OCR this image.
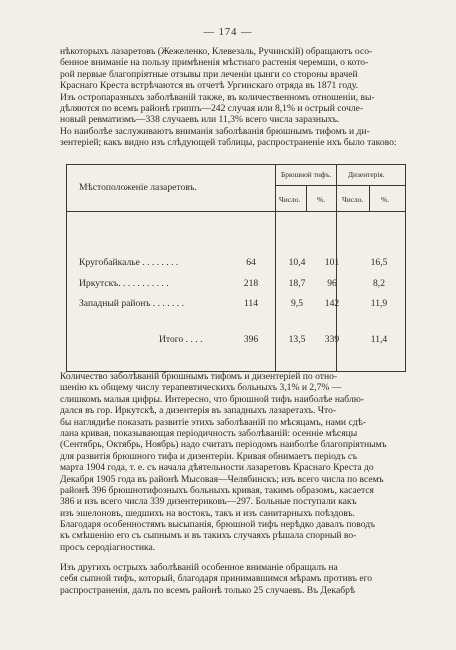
— 174 —
нѣкоторыхъ лазаретовъ (Жежеленко, Клевезаль, Ручинскiй) обращаютъ осо-
бенное вниманiе на пользу примѣненiя мѣстнаго растенiя черемши, о кото-
рой первые благопрiятные отзывы при леченiи цынги со стороны врачей
Краснаго Креста встрѣчаются въ отчетѣ Ургинскаго отряда въ 1871 году.
Изъ остропаразныхъ заболѣванiй также, въ количественномъ отношенiи, вы-
дѣляются по всемъ районѣ гриппъ—242 случая или 8,1% и острый сочле-
новый ревматизмъ—338 случаевъ или 11,3% всего числа заразныхъ.
Но наиболѣе заслуживаютъ вниманiя заболѣванiя брюшнымъ тифомъ и ди-
зентерiей; какъ видно изъ слѣдующей таблицы, распространенiе нхъ было таково:
Мѣстоположенiе лазаретовъ.
Брюшной тифъ. Дизентерiя.
Число. %. Число. %.
Кругобайкалье . . . . . . . .	64	10,4	101	16,5
Иркутскъ. . . . . . . . . . .	218	18,7	96	8,2
Западный районъ . . . . . . .	114	9,5	142	11,9
Итого . . . .	396	13,5	339	11,4
Количество заболѣванiй брюшнымъ тифомъ и дизентерiей по отно-
шенiю къ общему числу терапевтическихъ больныхъ 3,1% и 2,7% —
слишкомъ малыя цифры. Интересно, что брюшной тифъ наиболѣе наблю-
дался въ гор. Иркутскѣ, а дизентерiя въ западныхъ лазаретахъ. Что-
бы наглядиѣе показать развитiе этихъ заболѣванiй по мѣсяцамъ, нами сдѣ-
лана кривая, показывающая перiодичность заболѣванiй: осеннiе мѣсяцы
(Сентябрь, Октябрь, Ноябрь) надо считать перiодомъ наиболѣе благопрiятнымъ
для развитiя брюшного тифа и дизентерiи. Кривая обнимаетъ перiодъ съ
марта 1904 года, т. е. съ начала дѣятельности лазаретовъ Краснаго Креста до
Декабря 1905 года въ районѣ Мысовая—Челябинскъ; изъ всего числа по всемъ
районѣ 396 брюшнотифозныхъ больныхъ кривая, такимъ образомъ, касается
386 и изъ всего числа 339 дизентериковъ—297. Больные поступали какъ
изъ эшелоновъ, шедшихъ на востокъ, такъ и изъ санитарныхъ поѣздовъ.
Благодаря особенностямъ высыпанiя, брюшной тифъ нерѣдко давалъ поводъ
къ смѣшенiю его съ сыпнымъ и въ такихъ случаяхъ рѣшала спорный во-
просъ серодiагностика.
Изъ другихъ острыхъ заболѣванiй особенное вниманiе обращалъ на
себя сыпной тифъ, который, благодаря принимавшимся мѣрамъ противъ его
распространенiя, далъ по всемъ районѣ только 25 случаевъ. Въ Декабрѣ
